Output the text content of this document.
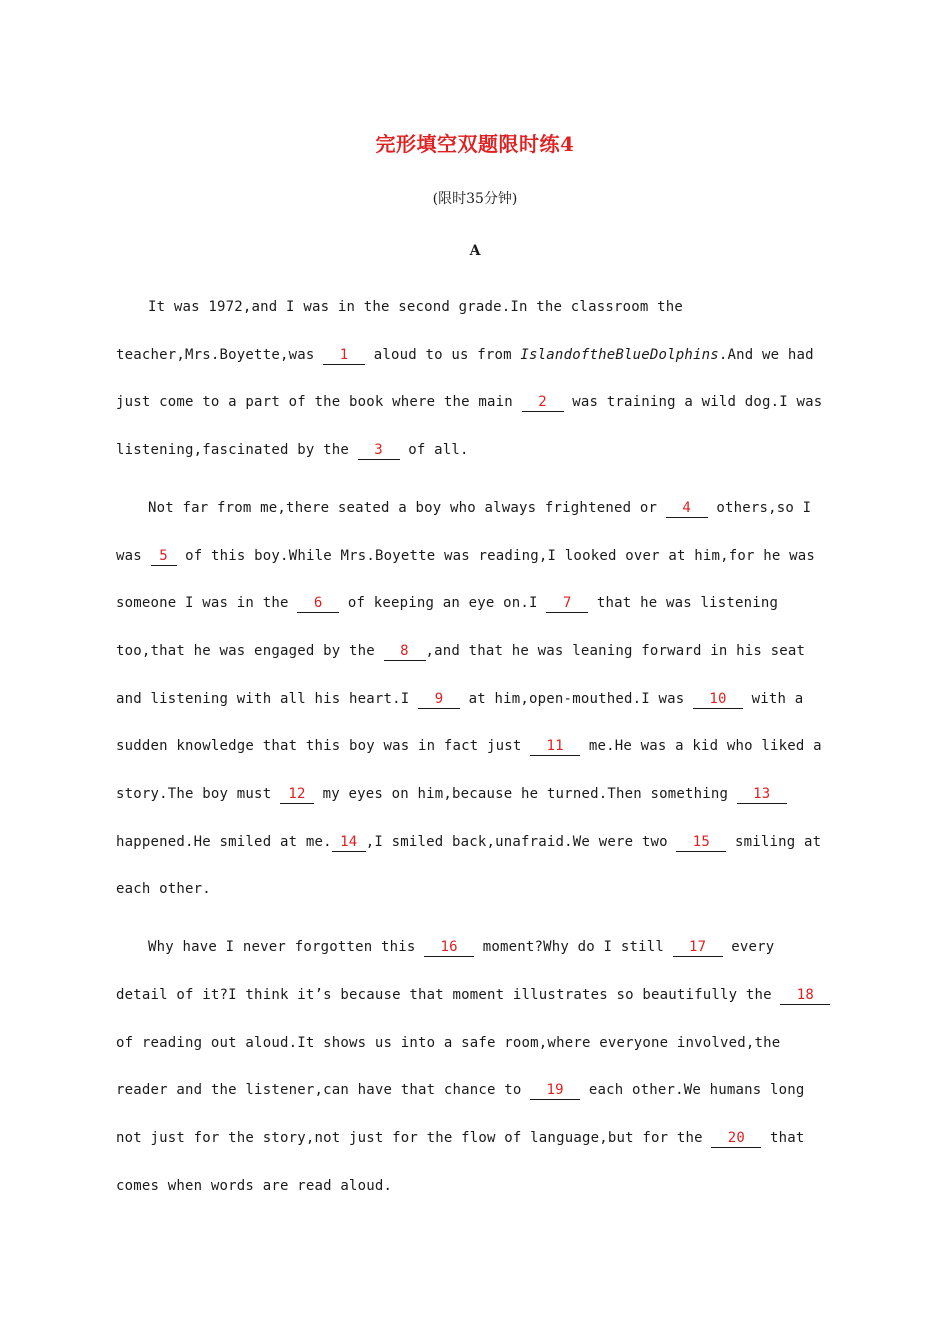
完形填空双题限时练4
(限时35分钟)
A

It was 1972,and I was in the second grade.In the classroom the teacher,Mrs.Boyette,was 1 aloud to us from IslandoftheBlueDolphins.And we had just come to a part of the book where the main 2 was training a wild dog.I was listening,fascinated by the 3 of all.

Not far from me,there seated a boy who always frightened or 4 others,so I was 5 of this boy.While Mrs.Boyette was reading,I looked over at him,for he was someone I was in the 6 of keeping an eye on.I 7 that he was listening too,that he was engaged by the 8 ,and that he was leaning forward in his seat and listening with all his heart.I 9 at him,open-mouthed.I was 10 with a sudden knowledge that this boy was in fact just 11 me.He was a kid who liked a story.The boy must 12 my eyes on him,because he turned.Then something 13 happened.He smiled at me. 14 ,I smiled back,unafraid.We were two 15 smiling at each other.

Why have I never forgotten this 16 moment?Why do I still 17 every detail of it?I think it’s because that moment illustrates so beautifully the 18 of reading out aloud.It shows us into a safe room,where everyone involved,the reader and the listener,can have that chance to 19 each other.We humans long not just for the story,not just for the flow of language,but for the 20 that comes when words are read aloud.
